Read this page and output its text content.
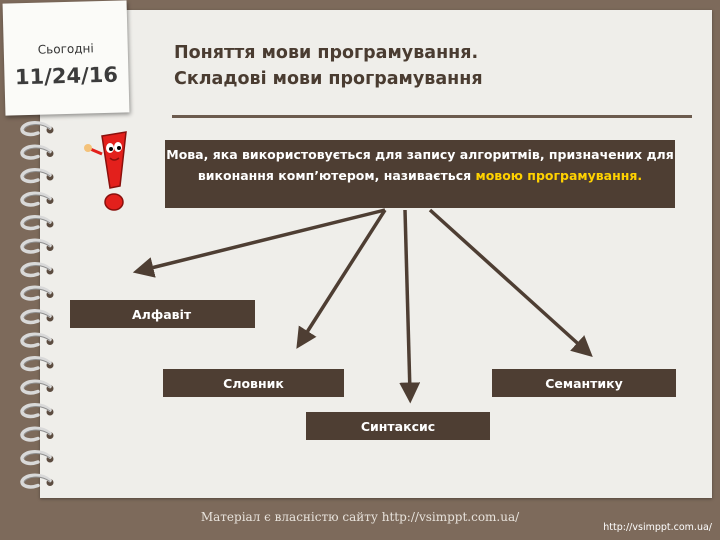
Сьогодні
11/24/16
Поняття мови програмування.
Складові мови програмування
Мова, яка використовується для запису алгоритмів, призначених для виконання комп’ютером, називається мовою програмування.
Алфавіт
Словник
Синтаксис
Семантику
Матеріал є власністю сайту http://vsimppt.com.ua/
http://vsimppt.com.ua/
